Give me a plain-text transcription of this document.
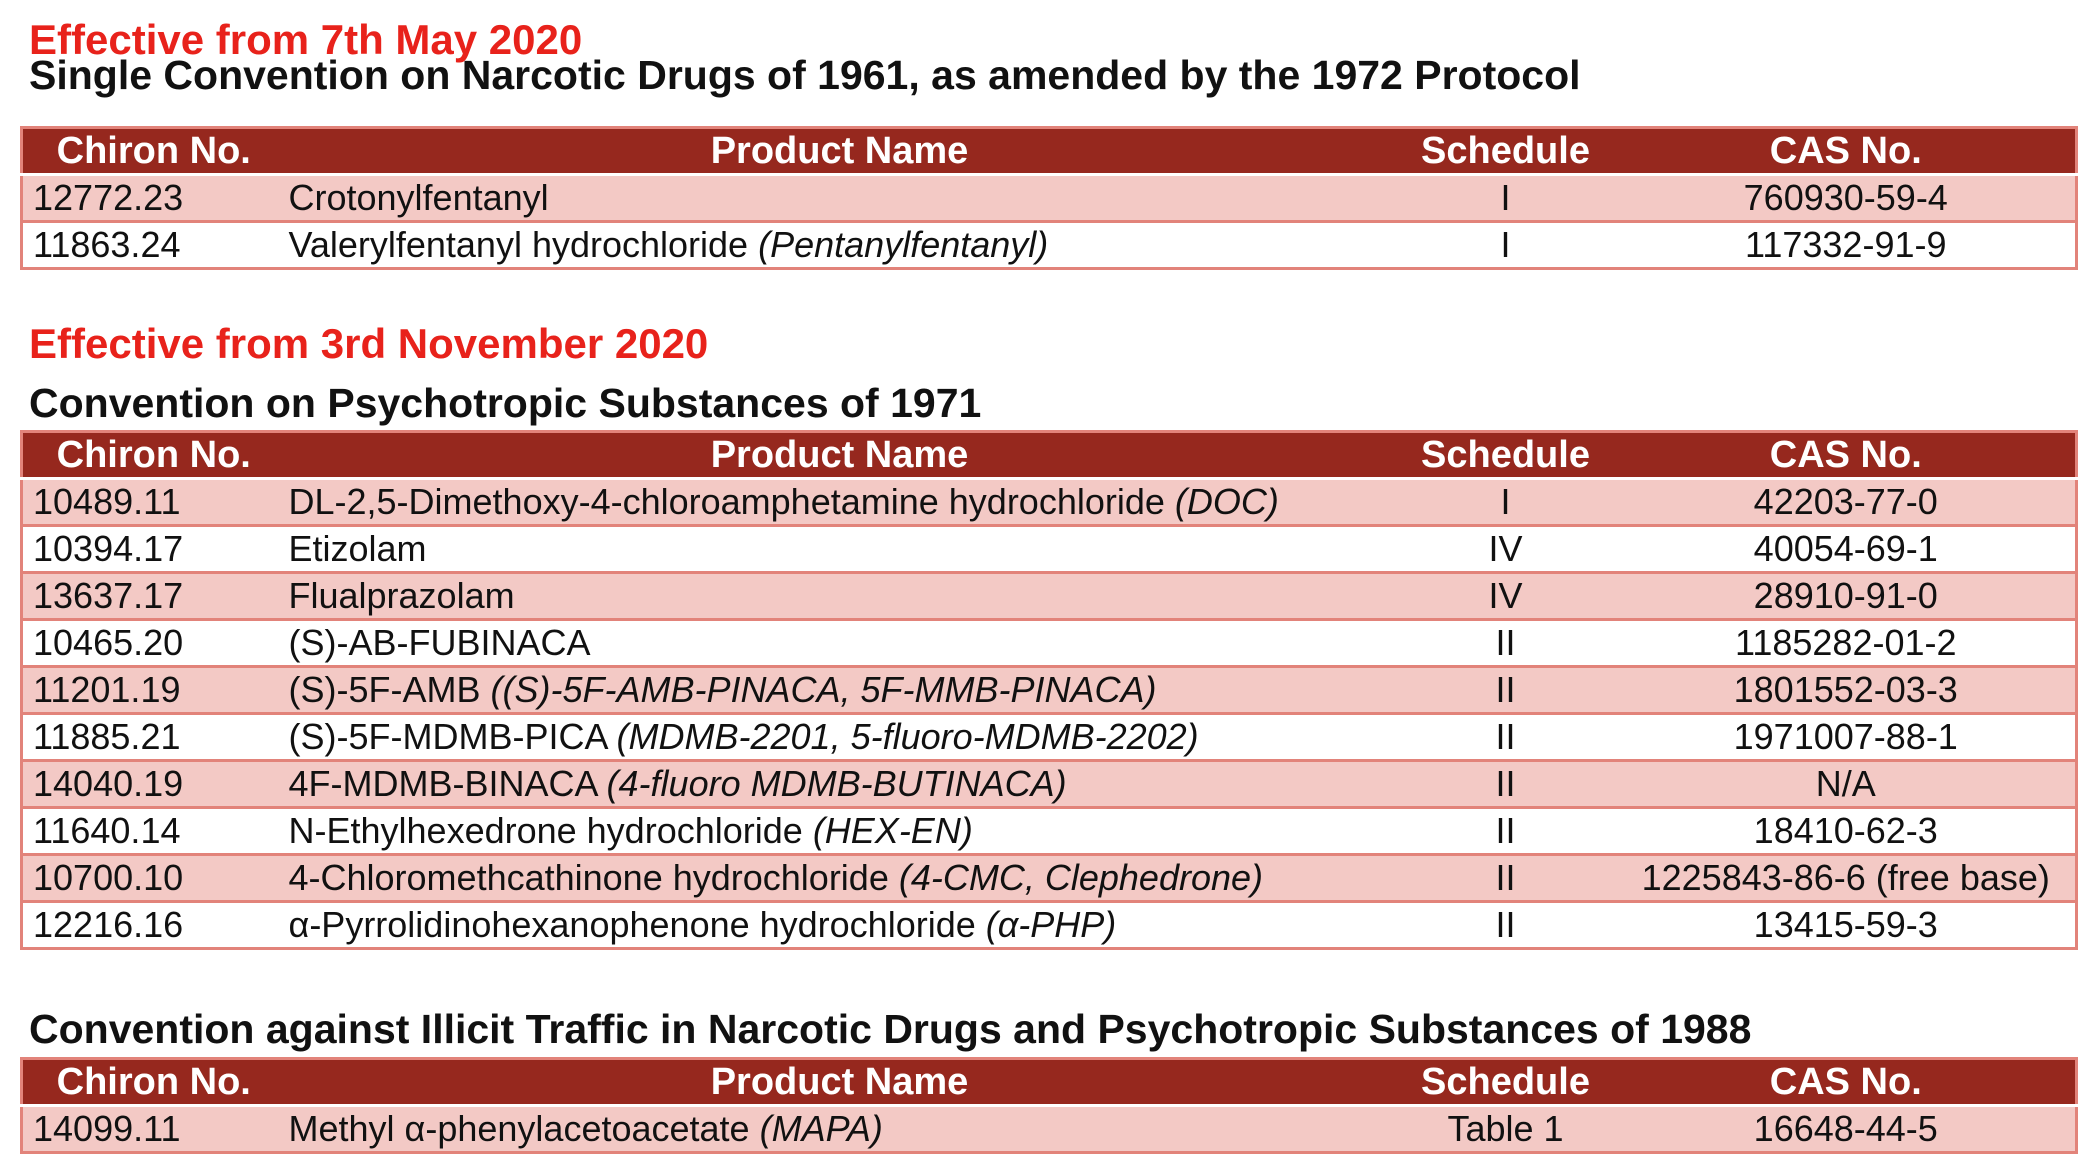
Effective from 7th May 2020
Single Convention on Narcotic Drugs of 1961, as amended by the 1972 Protocol
Chiron No.	Product Name	Schedule	CAS No.
12772.23	Crotonylfentanyl	I	760930-59-4
11863.24	Valerylfentanyl hydrochloride (Pentanylfentanyl)	I	117332-91-9
Effective from 3rd November 2020
Convention on Psychotropic Substances of 1971
Chiron No.	Product Name	Schedule	CAS No.
10489.11	DL-2,5-Dimethoxy-4-chloroamphetamine hydrochloride (DOC)	I	42203-77-0
10394.17	Etizolam	IV	40054-69-1
13637.17	Flualprazolam	IV	28910-91-0
10465.20	(S)-AB-FUBINACA	II	1185282-01-2
11201.19	(S)-5F-AMB ((S)-5F-AMB-PINACA, 5F-MMB-PINACA)	II	1801552-03-3
11885.21	(S)-5F-MDMB-PICA (MDMB-2201, 5-fluoro-MDMB-2202)	II	1971007-88-1
14040.19	4F-MDMB-BINACA (4-fluoro MDMB-BUTINACA)	II	N/A
11640.14	N-Ethylhexedrone hydrochloride (HEX-EN)	II	18410-62-3
10700.10	4-Chloromethcathinone hydrochloride (4-CMC, Clephedrone)	II	1225843-86-6 (free base)
12216.16	α-Pyrrolidinohexanophenone hydrochloride (α-PHP)	II	13415-59-3
Convention against Illicit Traffic in Narcotic Drugs and Psychotropic Substances of 1988
Chiron No.	Product Name	Schedule	CAS No.
14099.11	Methyl α-phenylacetoacetate (MAPA)	Table 1	16648-44-5
